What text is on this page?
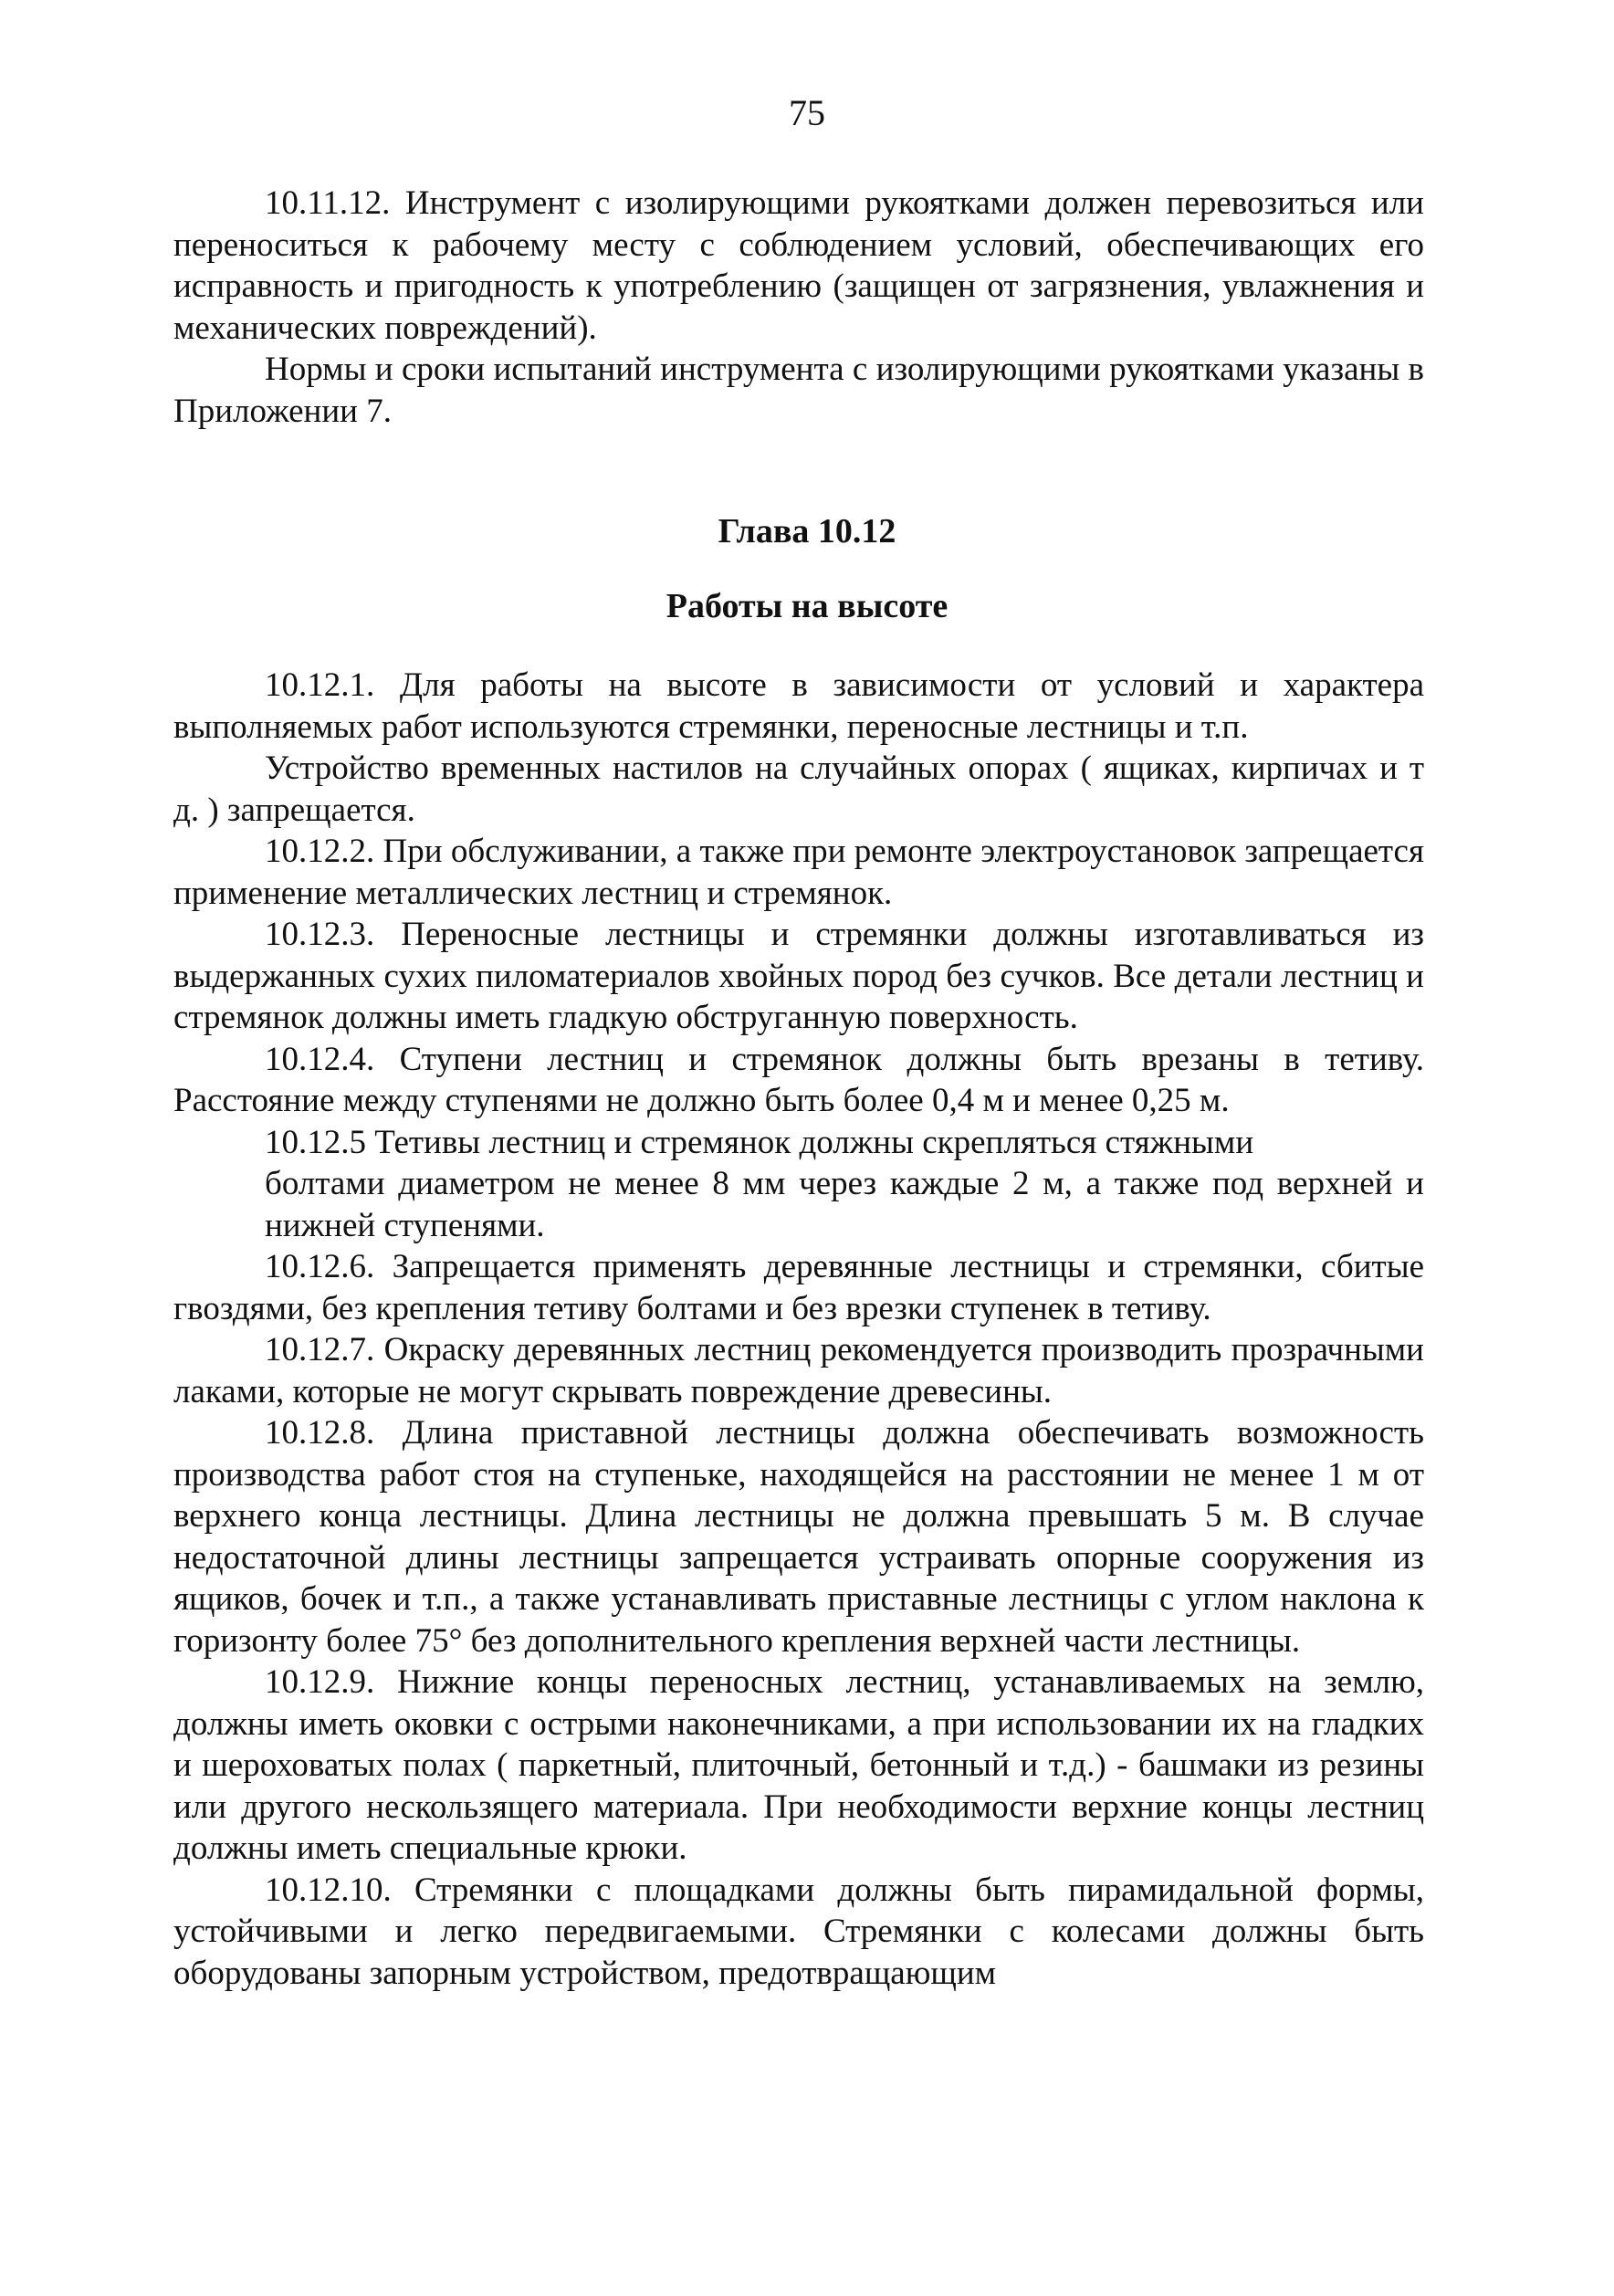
75

10.11.12. Инструмент с изолирующими рукоятками должен перевозиться или переноситься к рабочему месту с соблюдением условий, обеспечивающих его исправность и пригодность к употреблению (защищен от загрязнения, увлажнения и механических повреждений).

Нормы и сроки испытаний инструмента с изолирующими рукоятками указаны в Приложении 7.

Глава 10.12
Работы на высоте

10.12.1. Для работы на высоте в зависимости от условий и характера выполняемых работ используются стремянки, переносные лестницы и т.п.

Устройство временных настилов на случайных опорах ( ящиках, кирпичах и т д. ) запрещается.

10.12.2. При обслуживании, а также при ремонте электроустановок запрещается применение металлических лестниц и стремянок.

10.12.3. Переносные лестницы и стремянки должны изготавливаться из выдержанных сухих пиломатериалов хвойных пород без сучков. Все детали лестниц и стремянок должны иметь гладкую обструганную поверхность.

10.12.4. Ступени лестниц и стремянок должны быть врезаны в тетиву. Расстояние между ступенями не должно быть более 0,4 м и менее 0,25 м.

10.12.5 Тетивы лестниц и стремянок должны скрепляться стяжными

болтами диаметром не менее 8 мм через каждые 2 м, а также под верхней и нижней ступенями.

10.12.6. Запрещается применять деревянные лестницы и стремянки, сбитые гвоздями, без крепления тетиву болтами и без врезки ступенек в тетиву.

10.12.7. Окраску деревянных лестниц рекомендуется производить прозрачными лаками, которые не могут скрывать повреждение древесины.

10.12.8. Длина приставной лестницы должна обеспечивать возможность производства работ стоя на ступеньке, находящейся на расстоянии не менее 1 м от верхнего конца лестницы. Длина лестницы не должна превышать 5 м. В случае недостаточной длины лестницы запрещается устраивать опорные сооружения из ящиков, бочек и т.п., а также устанавливать приставные лестницы с углом наклона к горизонту более 75° без дополнительного крепления верхней части лестницы.

10.12.9. Нижние концы переносных лестниц, устанавливаемых на землю, должны иметь оковки с острыми наконечниками, а при использовании их на гладких и шероховатых полах ( паркетный, плиточный, бетонный и т.д.) - башмаки из резины или другого нескользящего материала. При необходимости верхние концы лестниц должны иметь специальные крюки.

10.12.10. Стремянки с площадками должны быть пирамидальной формы, устойчивыми и легко передвигаемыми. Стремянки с колесами должны быть оборудованы запорным устройством, предотвращающим
